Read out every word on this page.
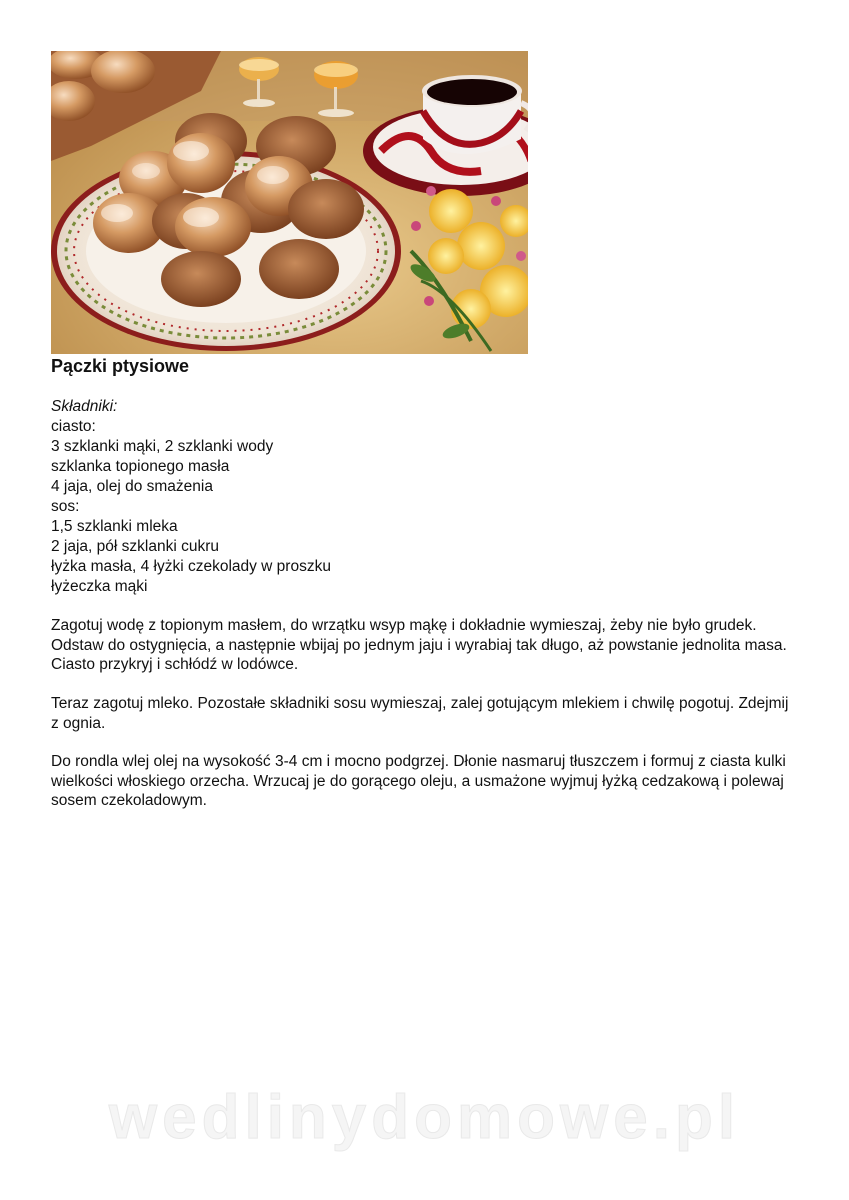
Pączki ptysiowe
Składniki:
ciasto:
3 szklanki mąki, 2 szklanki wody
szklanka topionego masła
4 jaja, olej do smażenia
sos:
1,5 szklanki mleka
2 jaja, pół szklanki cukru
łyżka masła, 4 łyżki czekolady w proszku
łyżeczka mąki

Zagotuj wodę z topionym masłem, do wrzątku wsyp mąkę i dokładnie wymieszaj, żeby nie było grudek. Odstaw do ostygnięcia, a następnie wbijaj po jednym jaju i wyrabiaj tak długo, aż powstanie jednolita masa. Ciasto przykryj i schłódź w lodówce.

Teraz zagotuj mleko. Pozostałe składniki sosu wymieszaj, zalej gotującym mlekiem i chwilę pogotuj. Zdejmij z ognia.

Do rondla wlej olej na wysokość 3-4 cm i mocno podgrzej. Dłonie nasmaruj tłuszczem i formuj z ciasta kulki wielkości włoskiego orzecha. Wrzucaj je do gorącego oleju, a usmażone wyjmuj łyżką cedzakową i polewaj sosem czekoladowym.

wedlinydomowe.pl
